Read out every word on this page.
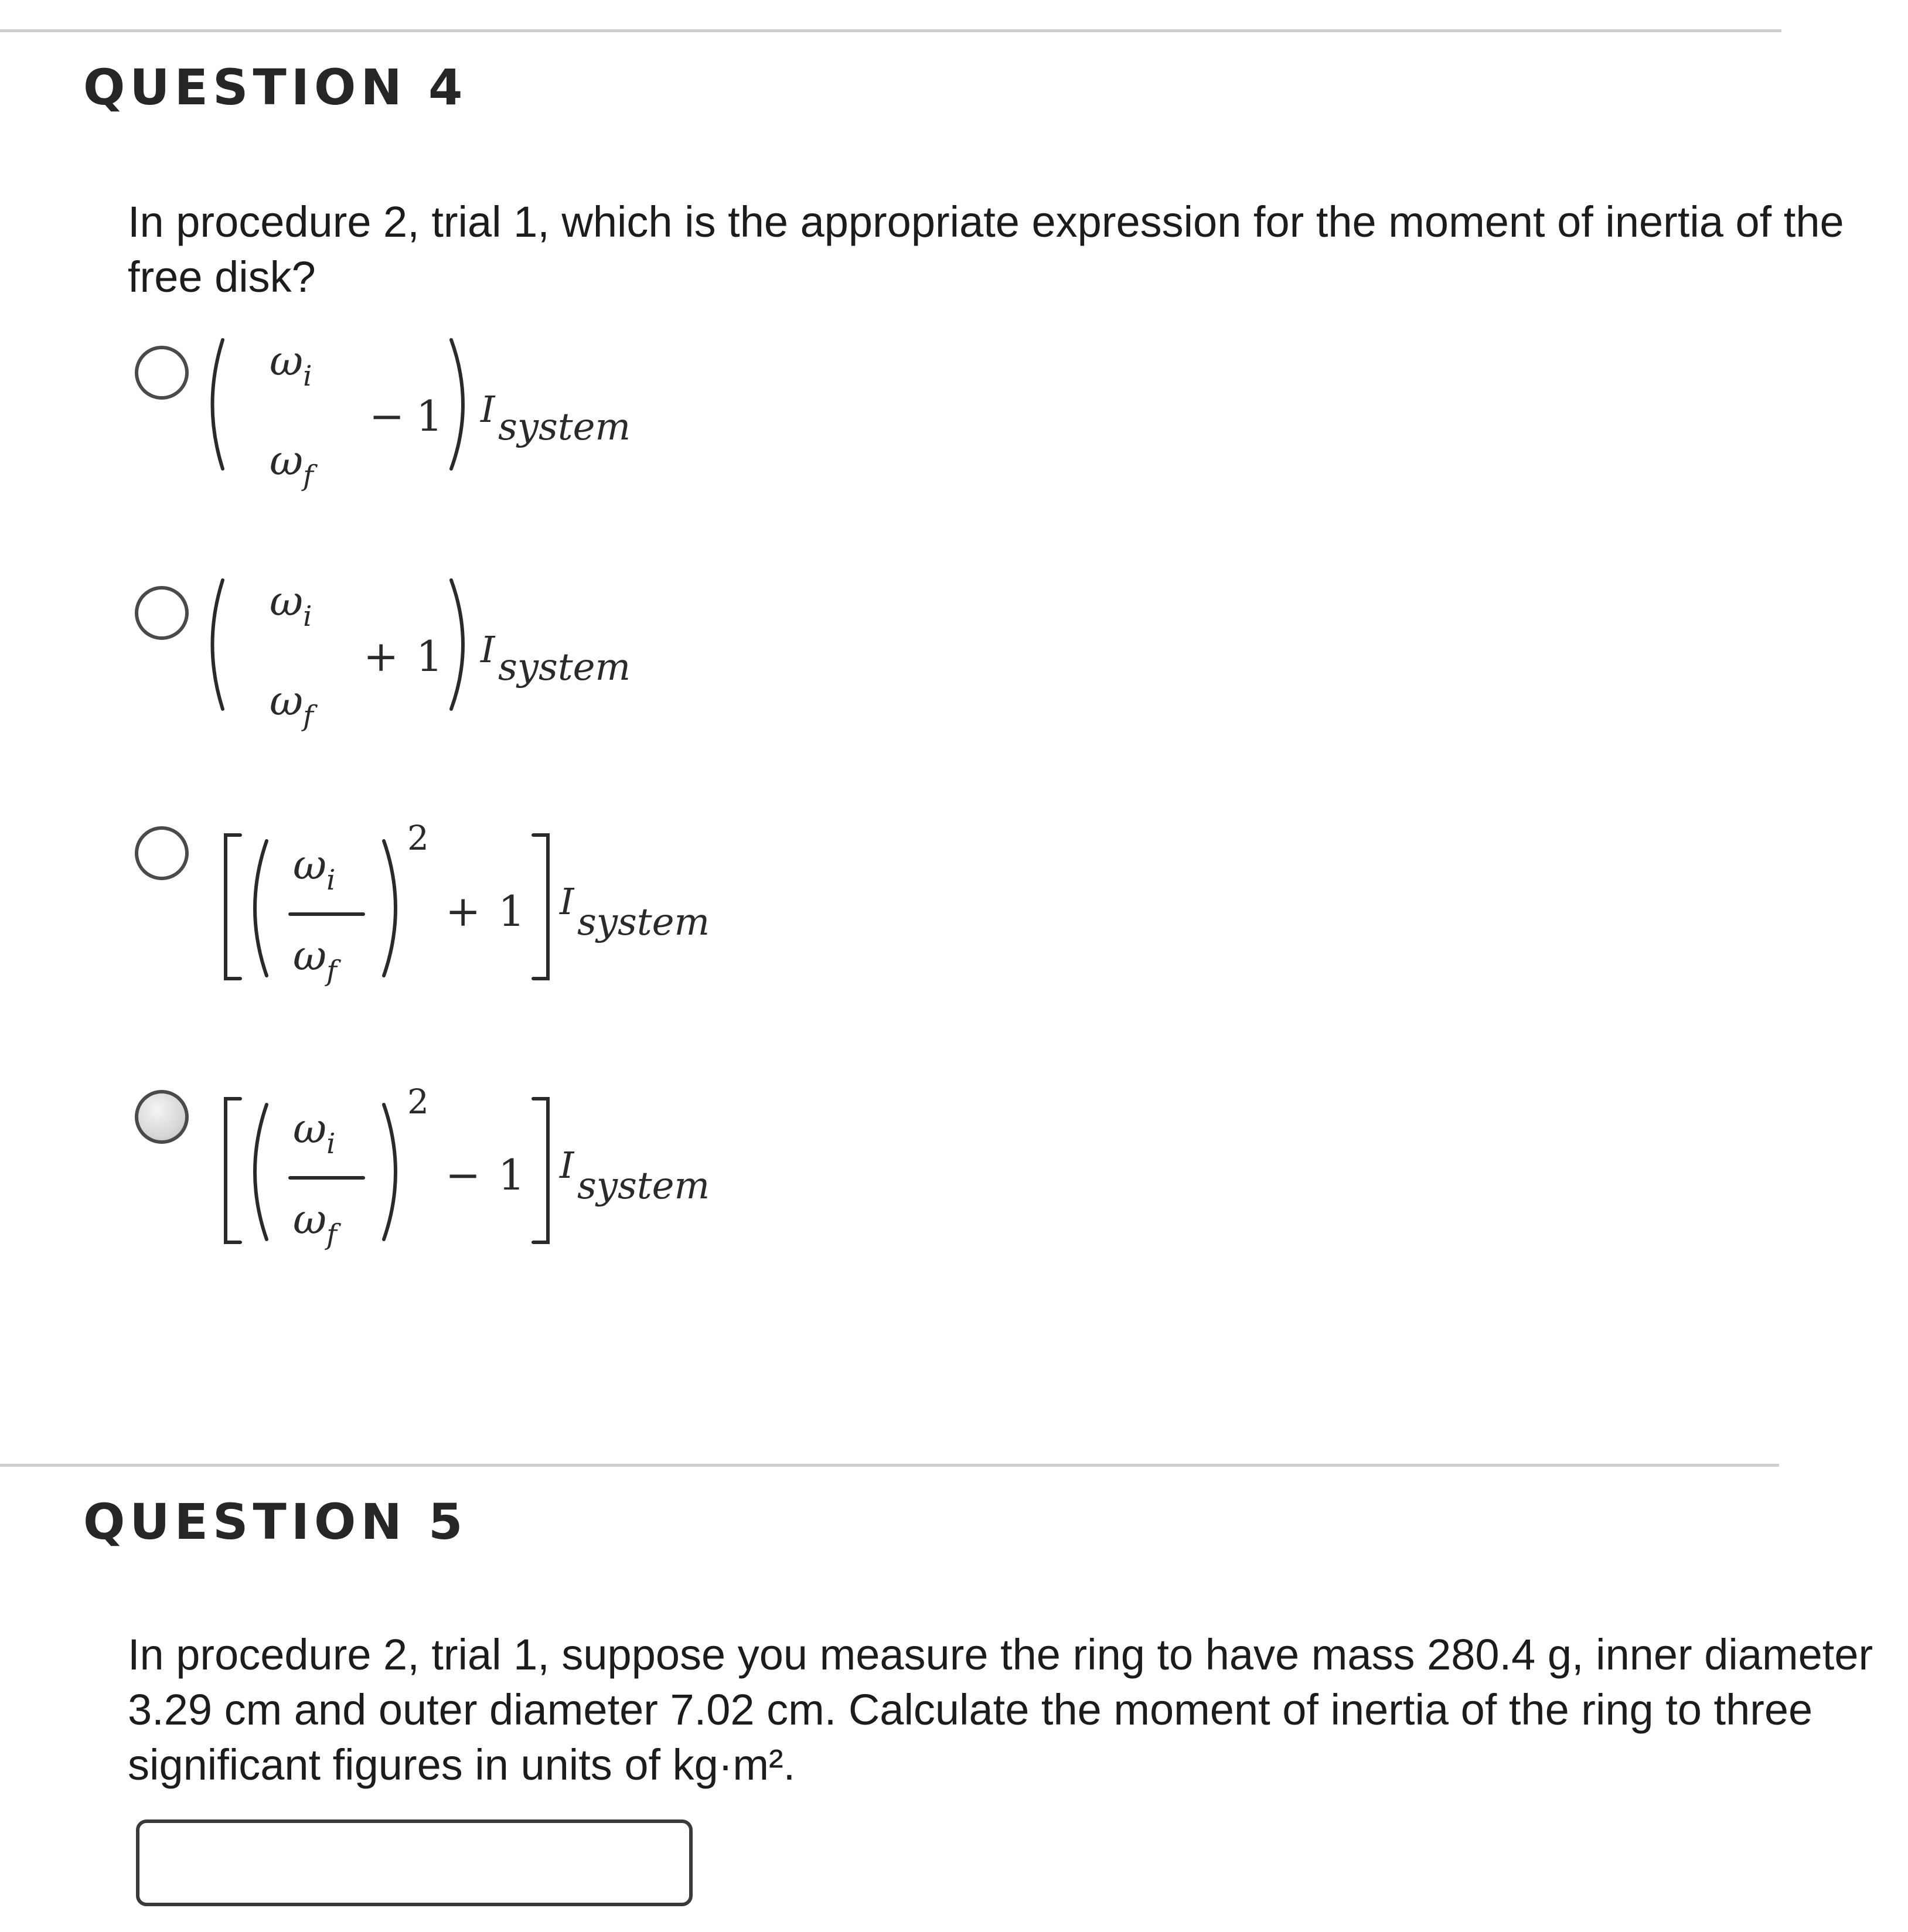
QUESTION 4

In procedure 2, trial 1, which is the appropriate expression for the moment of inertia of the free disk?

$\omega_i$
$\omega_f$
− 1 I system
$\omega_i$
$\omega_f$
+ 1 I system
$\omega_i$
$\omega_f$
2
+ 1 I system
$\omega_i$
$\omega_f$
2
− 1 I system
QUESTION 5

In procedure 2, trial 1, suppose you measure the ring to have mass 280.4 g, inner diameter 3.29 cm and outer diameter 7.02 cm. Calculate the moment of inertia of the ring to three significant figures in units of kg·m².
